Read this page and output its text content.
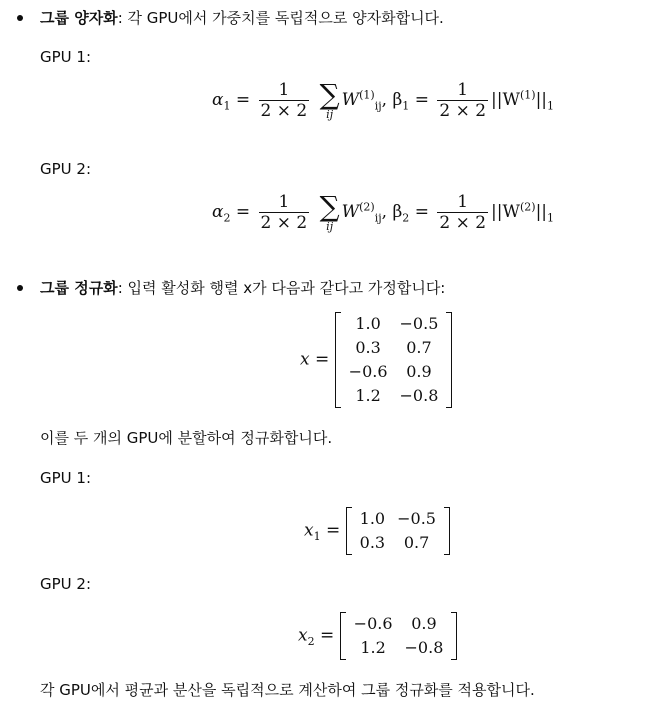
그룹 양자화: 각 GPU에서 가중치를 독립적으로 양자화합니다.
GPU 1:
$\alpha_1 = \frac{1}{2 \times 2}$
∑
ij
$W^{(1)}_{ij}$, $\beta_1 = \frac{1}{2 \times 2} ||W^{(1)}||_1$
GPU 2:
$\alpha_2 = \frac{1}{2 \times 2}$
∑
ij
$W^{(2)}_{ij}$, $\beta_2 = \frac{1}{2 \times 2} ||W^{(2)}||_1$
그룹 정규화: 입력 활성화 행렬 x가 다음과 같다고 가정합니다:
x =
1.0	−0.5
0.3	0.7
−0.6	0.9
1.2	−0.8
이를 두 개의 GPU에 분할하여 정규화합니다.
GPU 1:
$x_1$ =
1.0	−0.5
0.3	0.7
GPU 2:
$x_2$ =
−0.6	0.9
1.2	−0.8
각 GPU에서 평균과 분산을 독립적으로 계산하여 그룹 정규화를 적용합니다.
